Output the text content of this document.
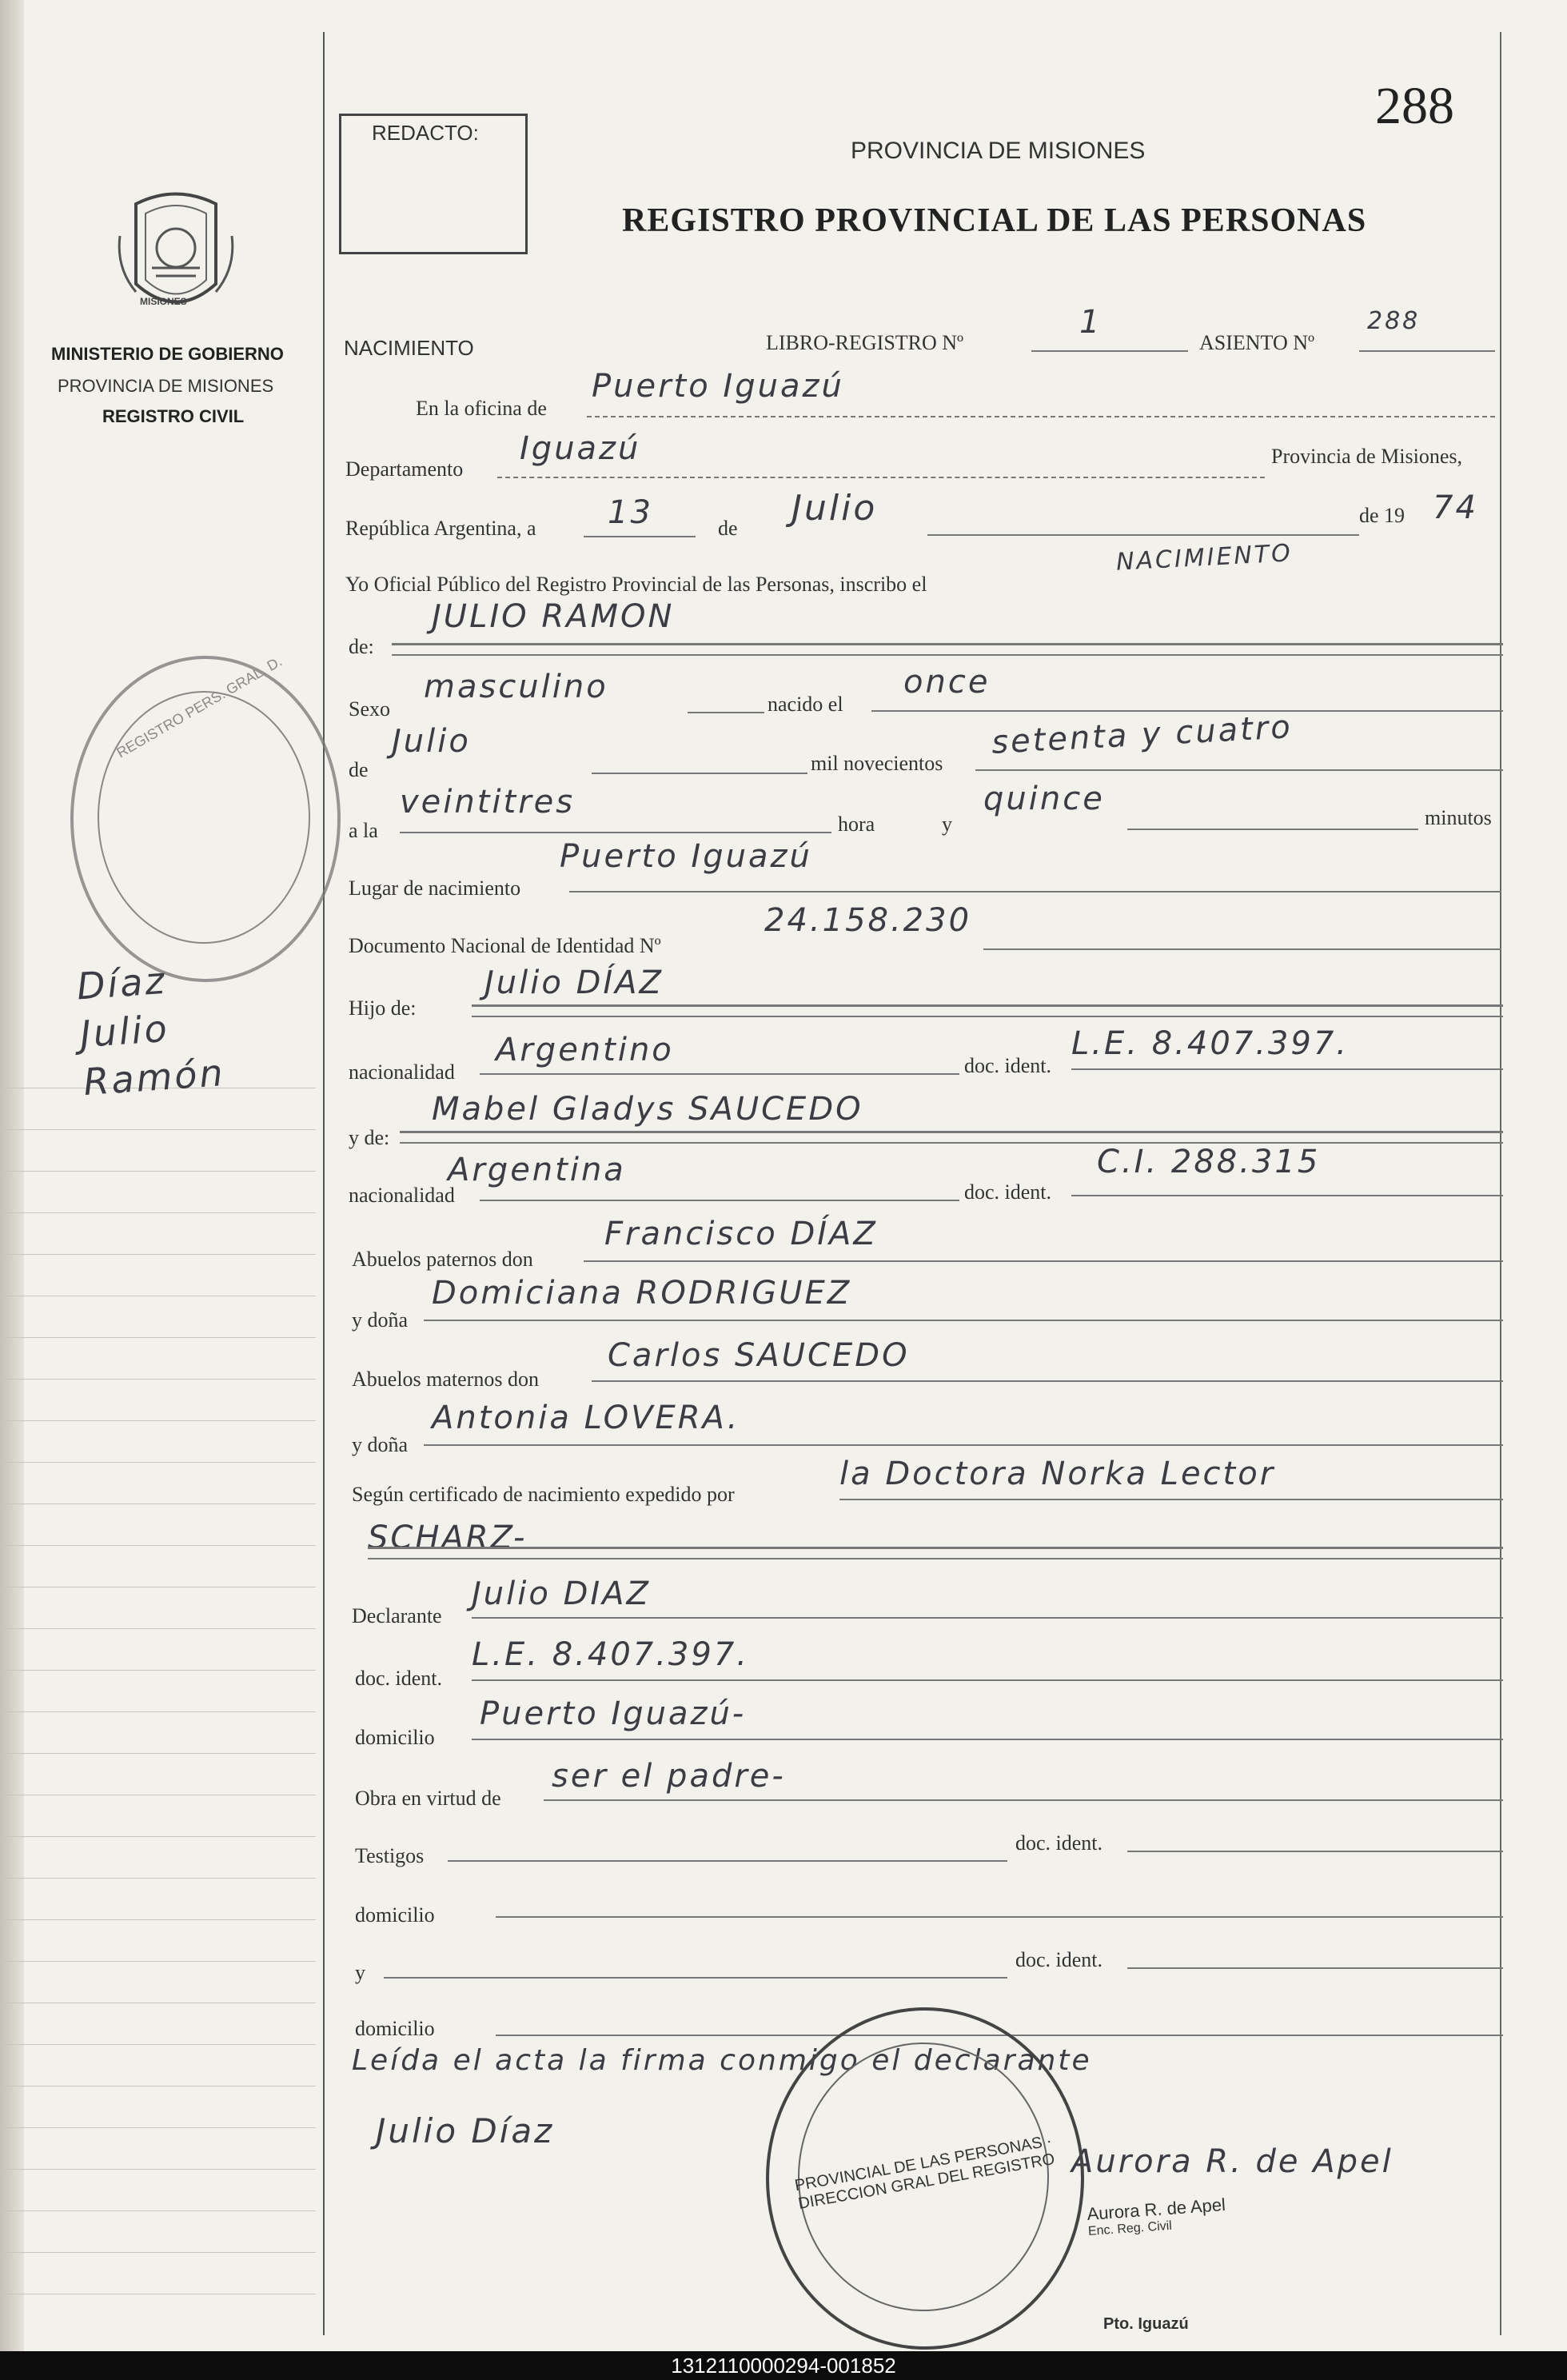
MISIONES
MINISTERIO DE GOBIERNO
PROVINCIA DE MISIONES
REGISTRO CIVIL
REGISTRO PERS. GRAL. D.
Díaz Julio Ramón
REDACTO:	288
PROVINCIA DE MISIONES
REGISTRO PROVINCIAL DE LAS PERSONAS
NACIMIENTO	LIBRO-REGISTRO Nº
1
ASIENTO Nº
288
En la oficina de
Puerto Iguazú
Departamento
Iguazú	Provincia de Misiones,
República Argentina, a 13	de Julio	de 19 74
Yo Oficial Público del Registro Provincial de las Personas, inscribo el
NACIMIENTO
de:
JULIO RAMON
Sexo
masculino	nacido el
once
de
Julio
mil novecientos
setenta y cuatro
a la
veintitres
hora	y
quince
minutos
Lugar de nacimiento
Puerto Iguazú
Documento Nacional de Identidad Nº
24.158.230
Hijo de:
Julio DÍAZ
nacionalidad
Argentino	doc. ident.
L.E. 8.407.397.
y de:
Mabel Gladys SAUCEDO
nacionalidad
Argentina
doc. ident.
C.I. 288.315
Abuelos paternos don
Francisco DÍAZ
y doña
Domiciana RODRIGUEZ
Abuelos maternos don
Carlos SAUCEDO
y doña
Antonia LOVERA.
Según certificado de nacimiento expedido por
la Doctora Norka Lector
SCHARZ-
Declarante
Julio DIAZ
doc. ident.
L.E. 8.407.397.
domicilio
Puerto Iguazú-
Obra en virtud de
ser el padre-
Testigos
doc. ident.
domicilio
y
doc. ident.
domicilio
Leída el acta la firma conmigo el declarante
Julio Díaz
Aurora R. de Apel
PROVINCIAL DE LAS PERSONAS · DIRECCION GRAL DEL REGISTRO	Aurora R. de Apel
Enc. Reg. Civil
Pto. Iguazú
1312110000294-001852
